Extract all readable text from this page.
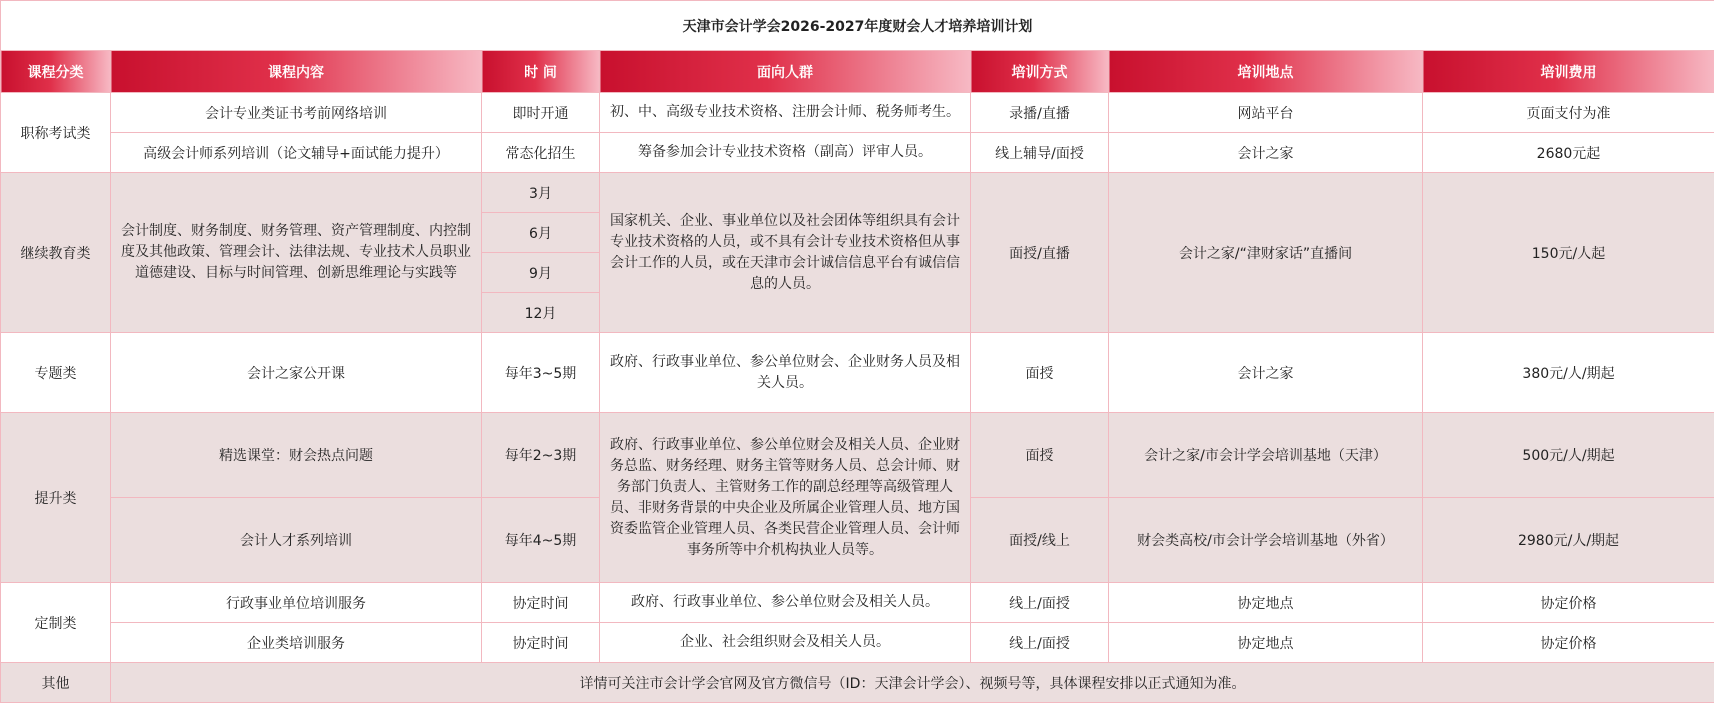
天津市会计学会2026-2027年度财会人才培养培训计划						
课程分类	课程内容	时 间	面向人群	培训方式	培训地点	培训费用
职称考试类	会计专业类证书考前网络培训	即时开通	初、中、高级专业技术资格、注册会计师、税务师考生。	录播/直播	网站平台	页面支付为准
	高级会计师系列培训（论文辅导+面试能力提升）	常态化招生	筹备参加会计专业技术资格（副高）评审人员。	线上辅导/面授	会计之家	2680元起
继续教育类	会计制度、财务制度、财务管理、资产管理制度、内控制度及其他政策、管理会计、法律法规、专业技术人员职业道德建设、目标与时间管理、创新思维理论与实践等	3月	国家机关、企业、事业单位以及社会团体等组织具有会计专业技术资格的人员，或不具有会计专业技术资格但从事会计工作的人员，或在天津市会计诚信信息平台有诚信信息的人员。	面授/直播	会计之家/“津财家话”直播间	150元/人起
		6月				
		9月				
		12月				
专题类	会计之家公开课	每年3~5期	政府、行政事业单位、参公单位财会、企业财务人员及相关人员。	面授	会计之家	380元/人/期起
提升类	精选课堂：财会热点问题	每年2~3期	政府、行政事业单位、参公单位财会及相关人员、企业财务总监、财务经理、财务主管等财务人员、总会计师、财务部门负责人、主管财务工作的副总经理等高级管理人员、非财务背景的中央企业及所属企业管理人员、地方国资委监管企业管理人员、各类民营企业管理人员、会计师事务所等中介机构执业人员等。	面授	会计之家/市会计学会培训基地（天津）	500元/人/期起
	会计人才系列培训	每年4~5期		面授/线上	财会类高校/市会计学会培训基地（外省）	2980元/人/期起
定制类	行政事业单位培训服务	协定时间	政府、行政事业单位、参公单位财会及相关人员。	线上/面授	协定地点	协定价格
	企业类培训服务	协定时间	企业、社会组织财会及相关人员。	线上/面授	协定地点	协定价格
其他	详情可关注市会计学会官网及官方微信号（ID：天津会计学会）、视频号等，具体课程安排以正式通知为准。					
